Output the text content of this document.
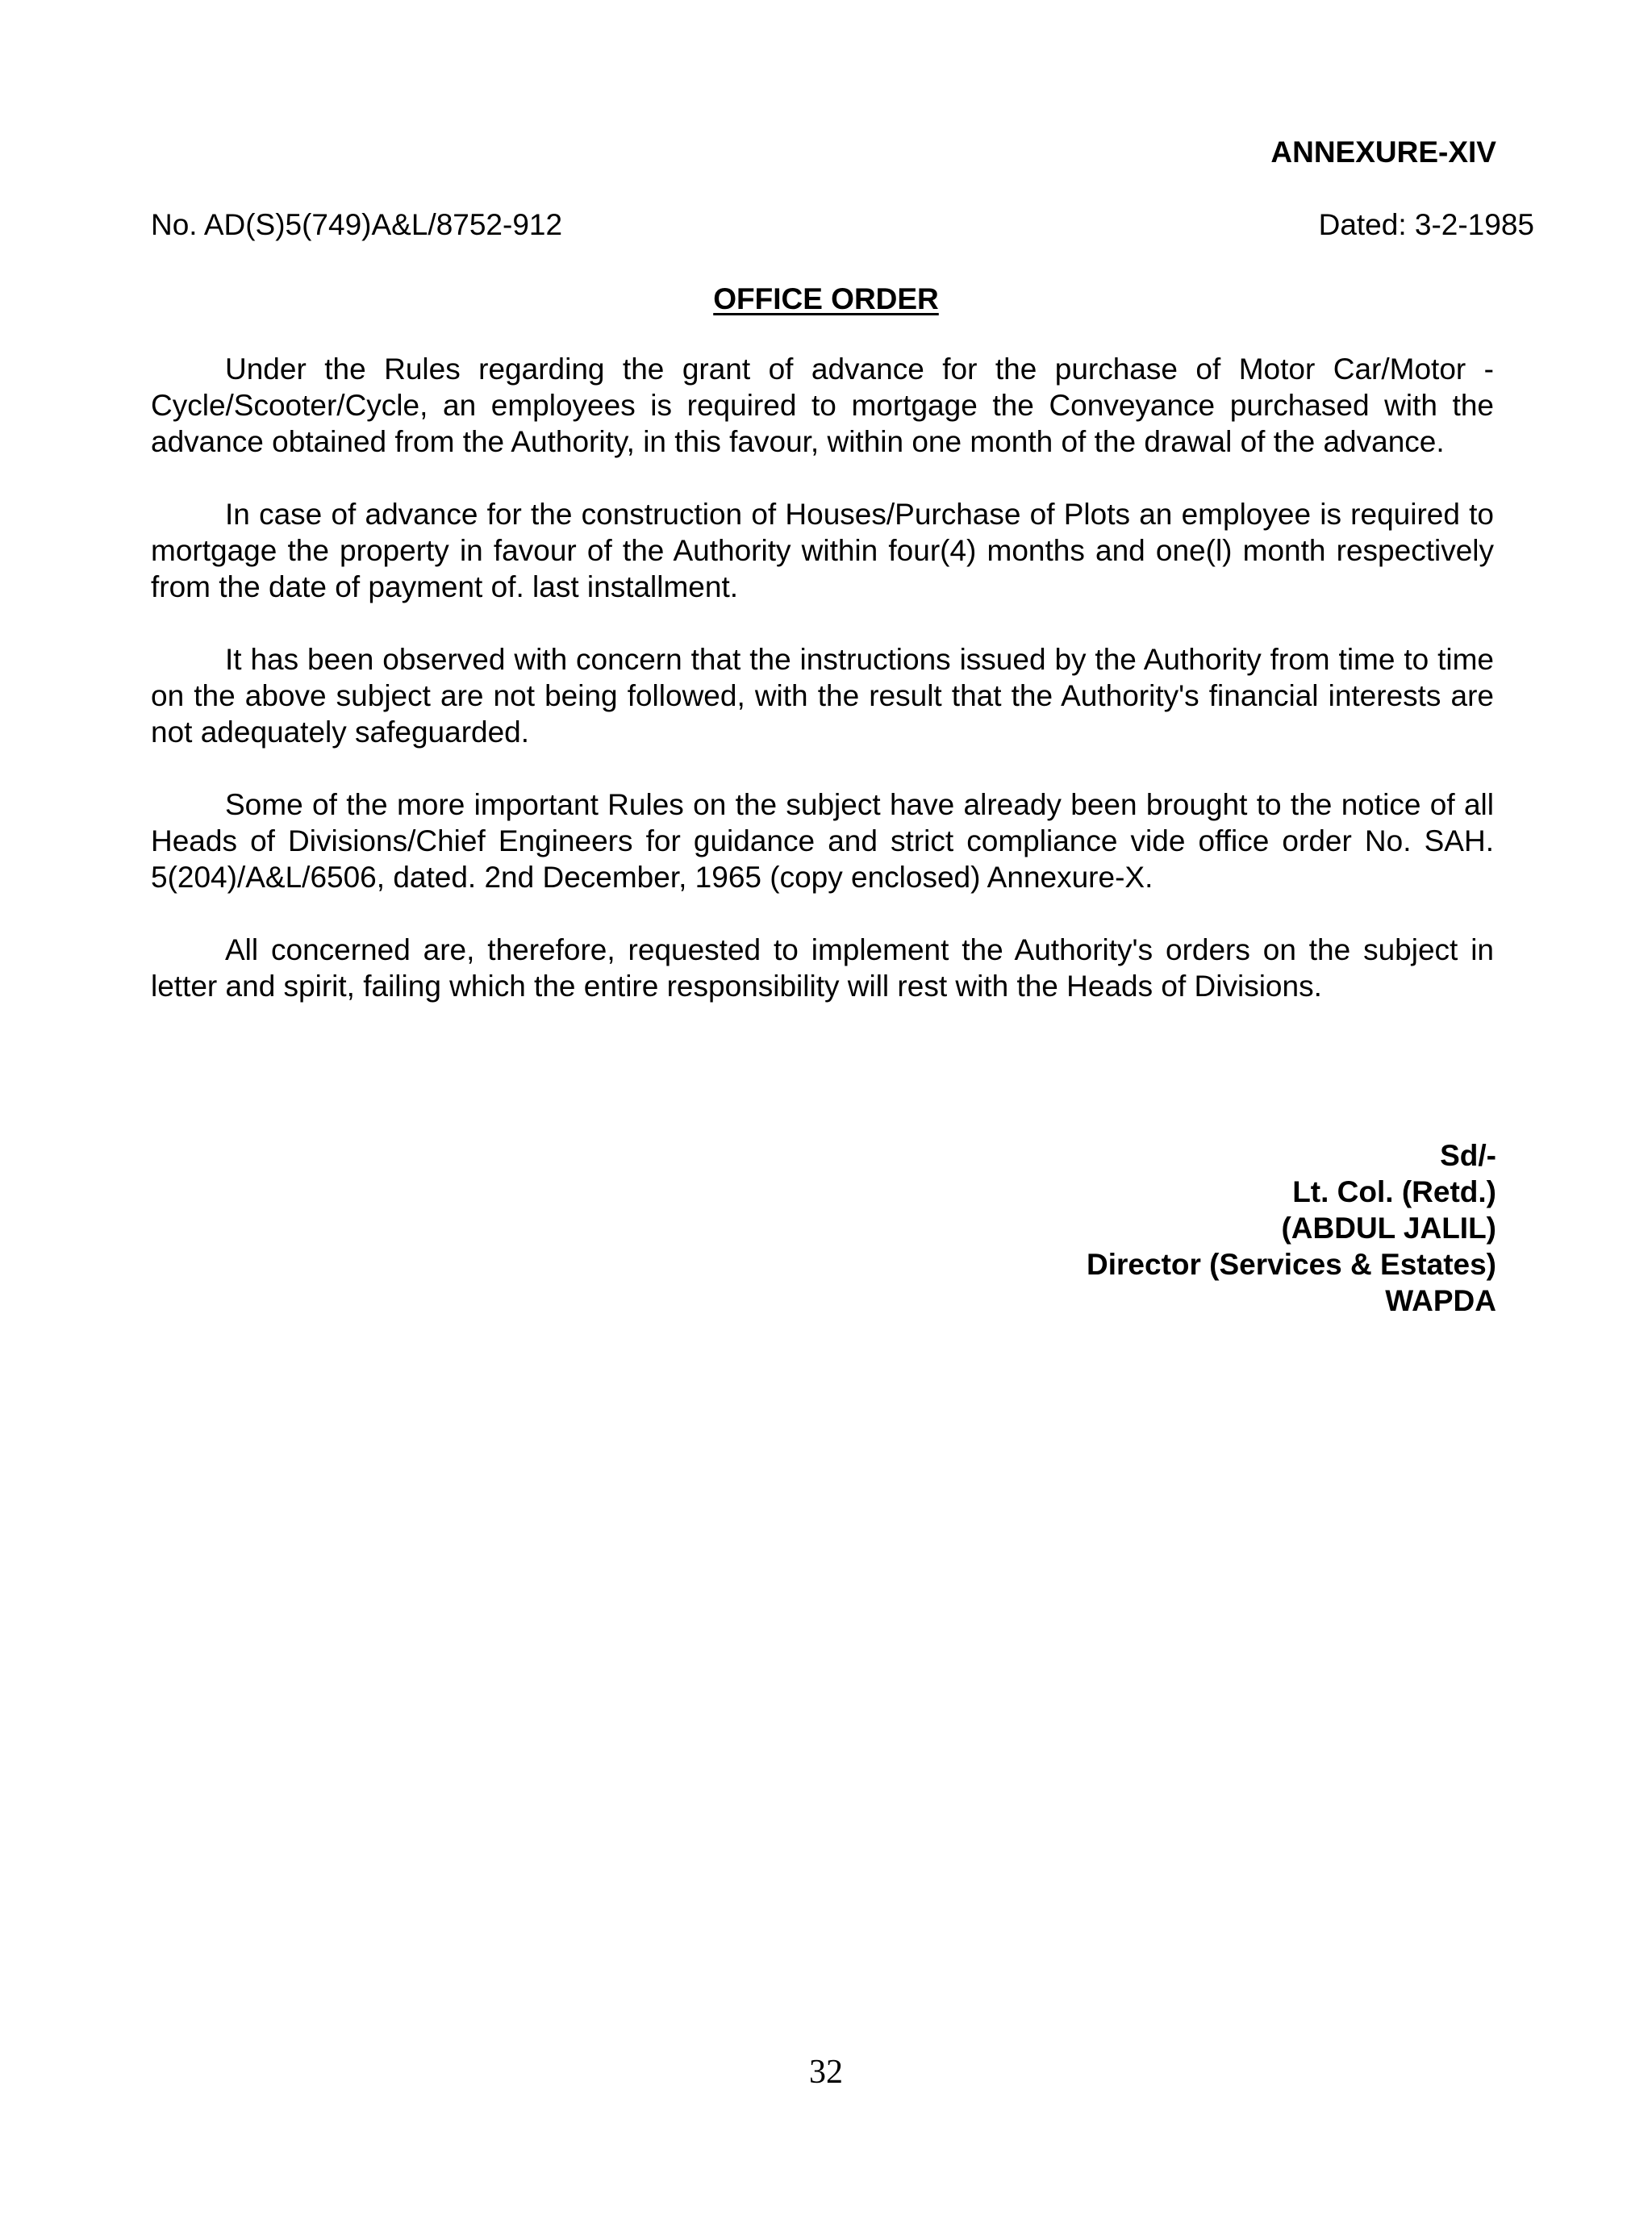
ANNEXURE-XIV
No. AD(S)5(749)A&L/8752-912	Dated: 3-2-1985
OFFICE ORDER

Under the Rules regarding the grant of advance for the purchase of Motor Car/Motor - Cycle/Scooter/Cycle, an employees is required to mortgage the Conveyance purchased with the advance obtained from the Authority, in this favour, within one month of the drawal of the advance.

In case of advance for the construction of Houses/Purchase of Plots an employee is required to mortgage the property in favour of the Authority within four(4) months and one(l) month respectively from the date of payment of. last installment.

It has been observed with concern that the instructions issued by the Authority from time to time on the above subject are not being followed, with the result that the Authority's financial interests are not adequately safeguarded.

Some of the more important Rules on the subject have already been brought to the notice of all Heads of Divisions/Chief Engineers for guidance and strict compliance vide office order No. SAH. 5(204)/A&L/6506, dated. 2nd December, 1965 (copy enclosed) Annexure-X.

All concerned are, therefore, requested to implement the Authority's orders on the subject in letter and spirit, failing which the entire responsibility will rest with the Heads of Divisions.

Sd/-
Lt. Col. (Retd.)
(ABDUL JALIL)
Director (Services & Estates)
WAPDA
32
